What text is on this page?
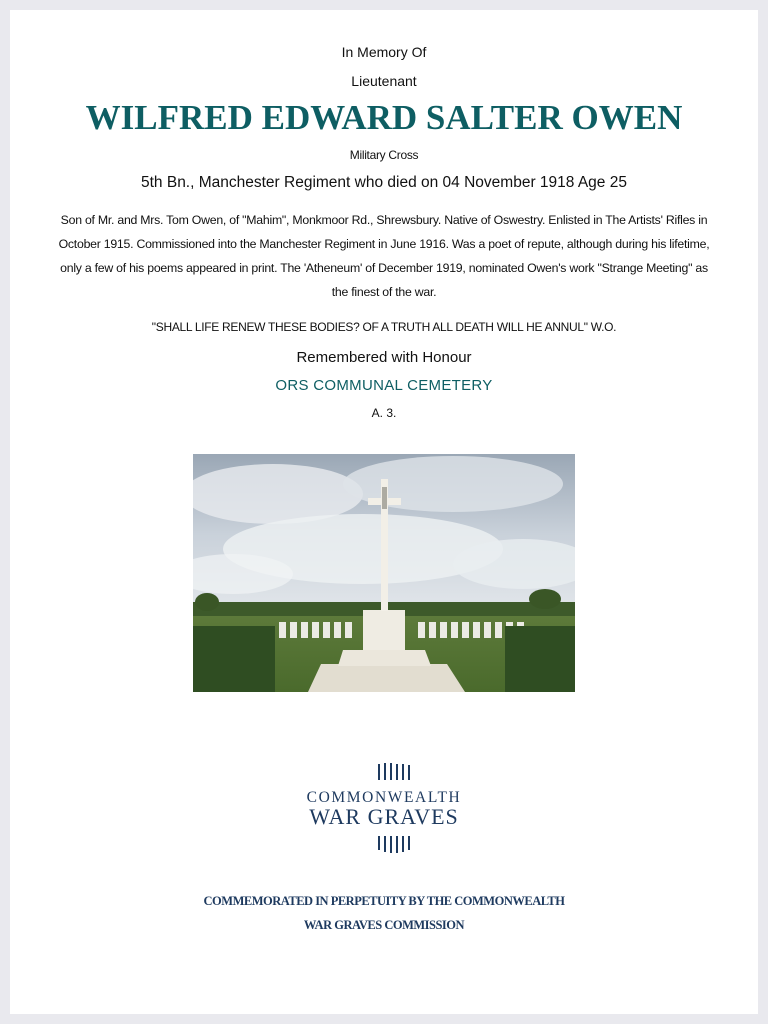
In Memory Of
Lieutenant
WILFRED EDWARD SALTER OWEN
Military Cross
5th Bn., Manchester Regiment who died on 04 November 1918 Age 25
Son of Mr. and Mrs. Tom Owen, of "Mahim", Monkmoor Rd., Shrewsbury. Native of Oswestry. Enlisted in The Artists' Rifles in October 1915. Commissioned into the Manchester Regiment in June 1916. Was a poet of repute, although during his lifetime, only a few of his poems appeared in print. The 'Atheneum' of December 1919, nominated Owen's work "Strange Meeting" as the finest of the war.
"SHALL LIFE RENEW THESE BODIES? OF A TRUTH ALL DEATH WILL HE ANNUL" W.O.
Remembered with Honour
ORS COMMUNAL CEMETERY
A. 3.
COMMONWEALTH
WAR GRAVES
COMMEMORATED IN PERPETUITY BY THE COMMONWEALTH
WAR GRAVES COMMISSION
